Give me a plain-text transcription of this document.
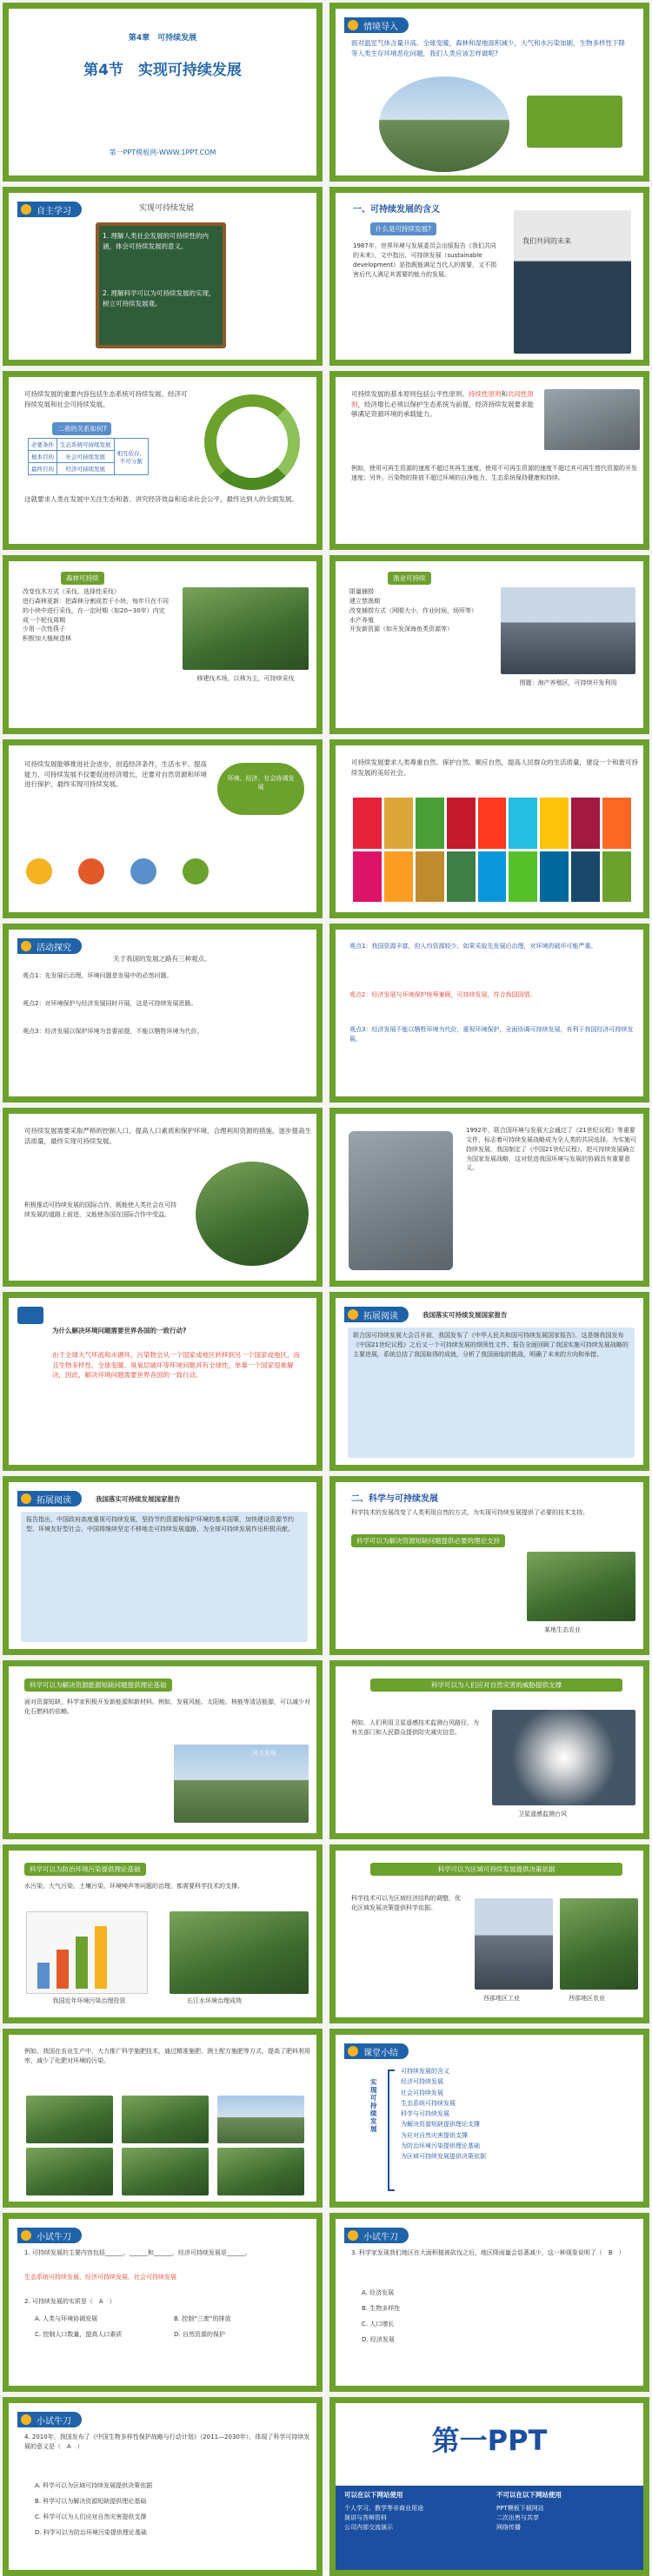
第4章　可持续发展
第4节　实现可持续发展
第一PPT模板网-WWW.1PPT.COM
情境导入
面对温室气体含量升高、全球变暖，森林和湿地面积减少，大气和水污染加剧，生物多样性下降等人类生存环境恶化问题，我们人类应该怎样做呢?
自主学习	实现可持续发展
1. 理解人类社会发展的可持续性的内涵，体会可持续发展的意义。
2. 理解科学可以为可持续发展的实现，树立可持续发展观。
一、可持续发展的含义
什么是可持续发展?
1987年，世界环境与发展委员会出版报告《我们共同的未来》，文中指出，可持续发展（sustainable development）是指既能满足当代人的需要，又不损害后代人满足其需要的能力的发展。
我们共同的未来
可持续发展的重要内容包括生态系统可持续发展、经济可持续发展和社会可持续发展。
二者的关系如何?
必要条件	生态系统可持续发展	相互依存，
不可分割
根本目的	社会可持续发展	
最终目的	经济可持续发展	
这就要求人类在发展中关注生态和谐、讲究经济效益和追求社会公平，最终达到人的全面发展。
可持续发展的基本原则包括公平性原则、持续性原则和共同性原则，经济增长必须以保护生态系统为前提，经济持续发展要求能够满足资源环境的承载能力。
例如，使用可再生资源的速度不超过其再生速度，使用不可再生资源的速度不超过其可再生替代资源的开发速度；另外，污染物的排放不超过环境的自净能力，生态系统保持健康和持续。
森林可持续
改变伐木方式（采伐、选择性采伐）
进行森林更新：把森林分割成若干小块，每年只在不同的小块中进行采伐，在一定时期（如20~30年）内完成一个轮伐周期
少用一次性筷子
积极加大植树造林
修建伐木场，以林为主，可持续采伐
渔业可持续
限量捕捞
建立禁渔期
改变捕捞方式（网眼大小，作业时间，场所等）
水产养殖
开发新资源（如开发深海鱼类资源等）
图题：海产养殖区，可持续开发利用
可持续发展能够推进社会进步，创造经济条件，生活水平、提高能力、可持续发展不仅要促进经济增长，还要对自然资源和环境进行保护，最终实现可持续发展。
环境、经济、社会协调发展
可持续发展要求人类尊重自然、保护自然、顺应自然，提高人民群众的生活质量，建设一个和谐可持续发展的美好社会。
活动探究
关于我国的发展之路有三种观点。
观点1：先发展后治理。环境问题是发展中的必然问题。
观点2：对环境保护与经济发展同时开展，这是可持续发展思路。
观点3：经济发展以保护环境为首要前提，不能以牺牲环境为代价。
观点1：我国资源丰富，但人均资源较少，如果采取先发展后治理，对环境的破坏可能严重。
观点2：经济发展与环境保护统筹兼顾，可持续发展，符合我国国情。
观点3：经济发展不能以牺牲环境为代价，重视环境保护，全面协调可持续发展，有利于我国经济可持续发展。
可持续发展需要采取严格的控制人口、提高人口素质和保护环境、合理利用资源的措施，逐步提高生活质量，最终实现可持续发展。
积极推动可持续发展的国际合作，既能使人类社会在可持续发展的道路上前进，又能使各国在国际合作中受益。
1992年，联合国环境与发展大会通过了《21世纪议程》等重要文件，标志着可持续发展战略成为全人类的共同选择。为实施可持续发展，我国制定了《中国21世纪议程》，把可持续发展确立为国家发展战略，这对促进我国环境与发展的协调具有重要意义。
为什么解决环境问题需要世界各国的一致行动?
由于全球大气环流和水循环，污染物会从一个国家或地区转移到另一个国家或地区，而且生物多样性、全球变暖、臭氧层破坏等环境问题具有全球性，单靠一个国家很难解决，因此，解决环境问题需要世界各国的一致行动。
拓展阅读	我国落实可持续发展国家报告
联合国可持续发展大会召开前，我国发布了《中华人民共和国可持续发展国家报告》，这是继我国发布《中国21世纪议程》之后又一个可持续发展的纲领性文件。报告全面回顾了我国实施可持续发展战略的主要进展，系统总结了我国取得的成就，分析了我国面临的挑战，明确了未来的方向和举措。
拓展阅读	我国落实可持续发展国家报告
报告指出，中国政府高度重视可持续发展，坚持节约资源和保护环境的基本国策，加快建设资源节约型、环境友好型社会。中国将继续坚定不移地走可持续发展道路，为全球可持续发展作出积极贡献。
二、科学与可持续发展
科学技术的发展改变了人类利用自然的方式，为实现可持续发展提供了必要的技术支持。
科学可以为解决资源短缺问题提供必要的理论支持
某地生态农业
科学可以为解决资源能源短缺问题提供理论基础
面对资源短缺，科学家积极开发新能源和新材料。例如，发展风能、太阳能、核能等清洁能源，可以减少对化石燃料的依赖。
风力发电
科学可以为人们应对自然灾害的威胁提供支撑
例如，人们利用卫星遥感技术监测台风路径，为有关部门和人民群众提供防灾减灾信息。
卫星遥感监测台风
科学可以为防治环境污染提供理论基础
水污染、大气污染、土壤污染、环境噪声等问题的治理，都需要科学技术的支撑。
我国近年环境污染治理投资	长江水环境治理成效
科学可以为区域可持续发展提供决策依据
科学技术可以为区域经济结构的调整，优化区域发展决策提供科学依据。
西部地区工业	西部地区农业
例如，我国在农业生产中，大力推广科学施肥技术，通过精准施肥、测土配方施肥等方式，提高了肥料利用率，减少了化肥对环境的污染。
课堂小结
实现可持续发展
可持续发展的含义
经济可持续发展
社会可持续发展
生态系统可持续发展
科学与可持续发展
为解决资源短缺提供理论支撑
为应对自然灾害提供支撑
为防治环境污染提供理论基础
为区域可持续发展提供决策依据
小试牛刀
1. 可持续发展的主要内容包括______、______和______，经济可持续发展是______。
生态系统可持续发展、经济可持续发展、社会可持续发展
2. 可持续发展的实质是（　A　）
A. 人类与环境协调发展	B. 控制“三废”的排放
C. 控制人口数量，提高人口素质	D. 自然资源的保护
小试牛刀
3. 科学家发现我们地区在大面积植被砍伐之后，地区降雨量会显著减少，这一种现象说明了（　B　）
A. 经济发展
B. 生物多样性
C. 人口增长
D. 经济发展
小试牛刀
4. 2010年，我国发布了《中国生物多样性保护战略与行动计划》（2011—2030年），体现了科学可持续发展的意义是（　A　）
A. 科学可以为区域可持续发展提供决策依据
B. 科学可以为解决资源短缺提供理论基础
C. 科学可以为人们应对自然灾害提供支撑
D. 科学可以为防治环境污染提供理论基础
第一PPT
可以在以下网站使用
个人学习、教学等非商业用途
演讲与答辩资料
公司内部交流演示
不可以在以下网站使用
PPT模板下载网站
二次出售与共享
网络传播
